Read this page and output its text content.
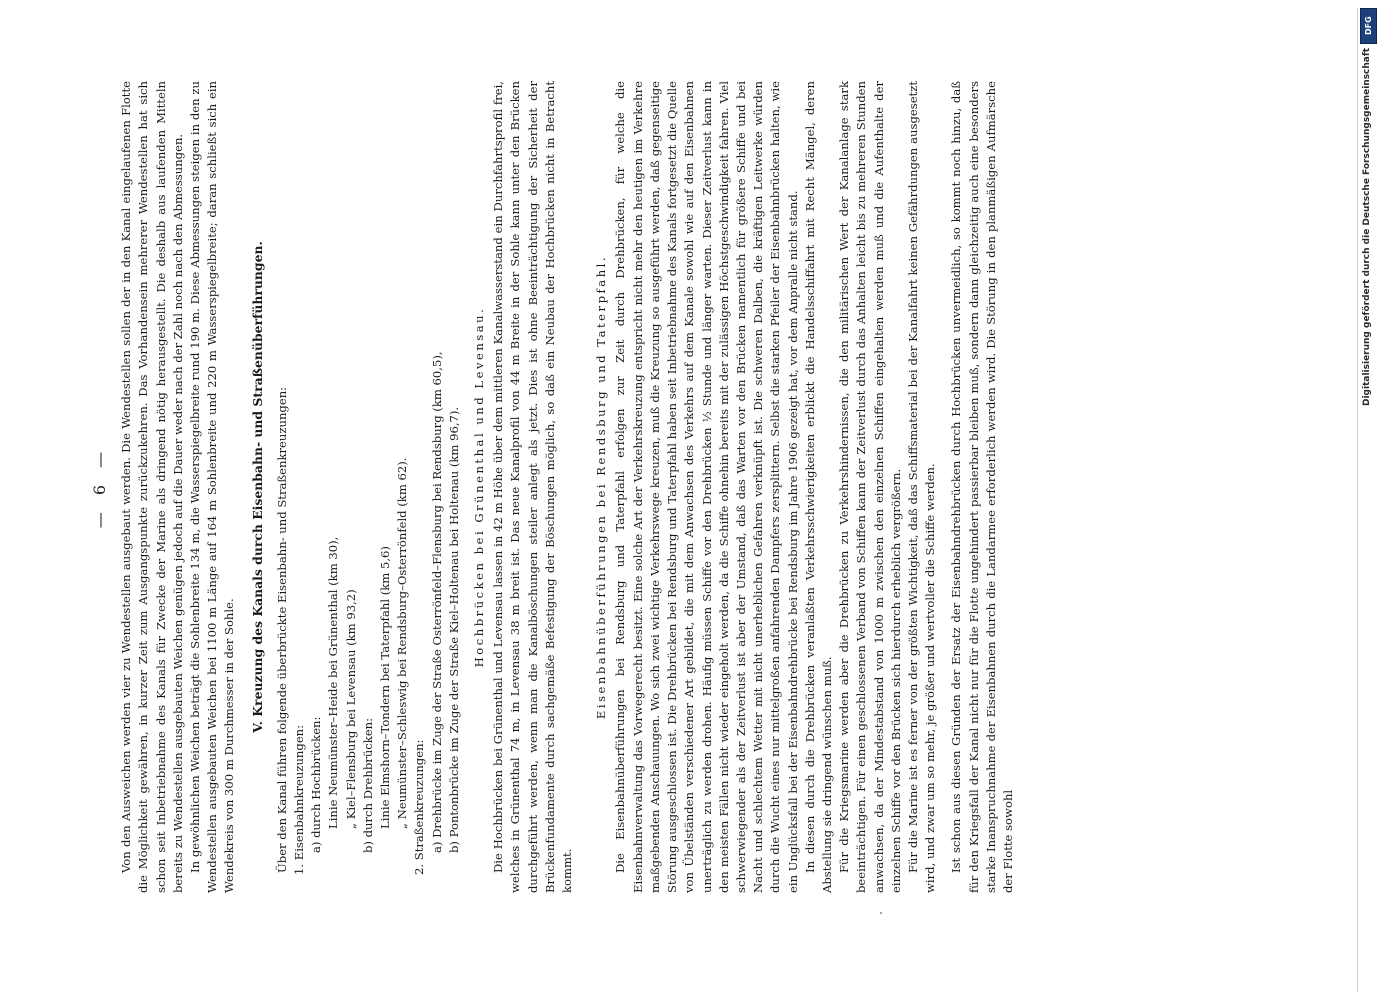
— 6 — Von den Ausweichen werden vier zu Wendestellen ausgebaut werden. Die Wendestellen sollen der in den Kanal eingelaufenen Flotte die Möglichkeit gewähren, in kurzer Zeit zum Ausgangspunkte zurückzukehren. Das Vorhandensein mehrerer Wendestellen hat sich schon seit Inbetriebnahme des Kanals für Zwecke der Marine als dringend nötig herausgestellt. Die deshalb aus laufenden Mitteln bereits zu Wendestellen ausgebauten Weichen genügen jedoch auf die Dauer weder nach der Zahl noch nach den Abmessungen. In gewöhnlichen Weichen beträgt die Sohlenbreite 134 m, die Wasserspiegelbreite rund 190 m. Diese Abmessungen steigen in den zu Wendestellen ausgebauten Weichen bei 1100 m Länge auf 164 m Sohlenbreite und 220 m Wasserspiegelbreite; daran schließt sich ein Wendekreis von 300 m Durchmesser in der Sohle.

V. Kreuzung des Kanals durch Eisenbahn- und Straßenüberführungen. Über den Kanal führen folgende überbrückte Eisenbahn- und Straßenkreuzungen: 1. Eisenbahnkreuzungen: a) durch Hochbrücken: Linie Neumünster–Heide bei Grünenthal (km 30), „ Kiel–Flensburg bei Levensau (km 93,2) b) durch Drehbrücken: Linie Elmshorn–Tondern bei Taterpfahl (km 5,6) „ Neumünster–Schleswig bei Rendsburg–Osterrönfeld (km 62). 2. Straßenkreuzungen: a) Drehbrücke im Zuge der Straße Osterrönfeld–Flensburg bei Rendsburg (km 60,5), b) Pontonbrücke im Zuge der Straße Kiel–Holtenau bei Holtenau (km 96,7). Hochbrücken bei Grünenthal und Levensau. Die Hochbrücken bei Grünenthal und Levensau lassen in 42 m Höhe über dem mittleren Kanalwasserstand ein Durchfahrtsprofil frei, welches in Grünenthal 74 m, in Levensau 38 m breit ist. Das neue Kanalprofil von 44 m Breite in der Sohle kann unter den Brücken durchgeführt werden, wenn man die Kanalböschungen steiler anlegt als jetzt. Dies ist ohne Beeinträchtigung der Sicherheit der Brückenfundamente durch sachgemäße Befestigung der Böschungen möglich, so daß ein Neubau der Hochbrücken nicht in Betracht kommt.

Eisenbahnüberführungen bei Rendsburg und Taterpfahl. Die Eisenbahnüberführungen bei Rendsburg und Taterpfahl erfolgen zur Zeit durch Drehbrücken, für welche die Eisenbahnverwaltung das Vorwegerecht besitzt. Eine solche Art der Verkehrskreuzung entspricht nicht mehr den heutigen im Verkehre maßgebenden Anschauungen. Wo sich zwei wichtige Verkehrswege kreuzen, muß die Kreuzung so ausgeführt werden, daß gegenseitige Störung ausgeschlossen ist. Die Drehbrücken bei Rendsburg und Taterpfahl haben seit Inbetriebnahme des Kanals fortgesetzt die Quelle von Übelständen verschiedener Art gebildet, die mit dem Anwachsen des Verkehrs auf dem Kanale sowohl wie auf den Eisenbahnen unerträglich zu werden drohen. Häufig müssen Schiffe vor den Drehbrücken ½ Stunde und länger warten. Dieser Zeitverlust kann in den meisten Fällen nicht wieder eingeholt werden, da die Schiffe ohnehin bereits mit der zulässigen Höchstgeschwindigkeit fahren. Viel schwerwiegender als der Zeitverlust ist aber der Umstand, daß das Warten vor den Brücken namentlich für größere Schiffe und bei Nacht und schlechtem Wetter mit nicht unerheblichen Gefahren verknüpft ist. Die schweren Dalben, die kräftigen Leitwerke würden durch die Wucht eines nur mittelgroßen anfahrenden Dampfers zersplittern. Selbst die starken Pfeiler der Eisenbahnbrücken halten, wie ein Unglücksfall bei der Eisenbahndrehbrücke bei Rendsburg im Jahre 1906 gezeigt hat, vor dem Anpralle nicht stand. In diesen durch die Drehbrücken veranlaßten Verkehrsschwierigkeiten erblickt die Handelsschiffahrt mit Recht Mängel, deren Abstellung sie dringend wünschen muß. Für die Kriegsmarine werden aber die Drehbrücken zu Verkehrshindernissen, die den militärischen Wert der Kanalanlage stark beeinträchtigen. Für einen geschlossenen Verband von Schiffen kann der Zeitverlust durch das Anhalten leicht bis zu mehreren Stunden anwachsen, da der Mindestabstand von 1000 m zwischen den einzelnen Schiffen eingehalten werden muß und die Aufenthalte der einzelnen Schiffe vor den Brücken sich hierdurch erheblich vergrößern. Für die Marine ist es ferner von der größten Wichtigkeit, daß das Schiffsmaterial bei der Kanalfahrt keinen Gefährdungen ausgesetzt wird, und zwar um so mehr, je größer und wertvoller die Schiffe werden. Ist schon aus diesen Gründen der Ersatz der Eisenbahndrehbrücken durch Hochbrücken unvermeidlich, so kommt noch hinzu, daß für den Kriegsfall der Kanal nicht nur für die Flotte ungehindert passierbar bleiben muß, sondern dann gleichzeitig auch eine besonders starke Inanspruchnahme der Eisenbahnen durch die Landarmee erforderlich werden wird. Die Störung in den planmäßigen Aufmärsche der Flotte sowohl

DFG
Digitalisierung gefördert durch die Deutsche Forschungsgemeinschaft
